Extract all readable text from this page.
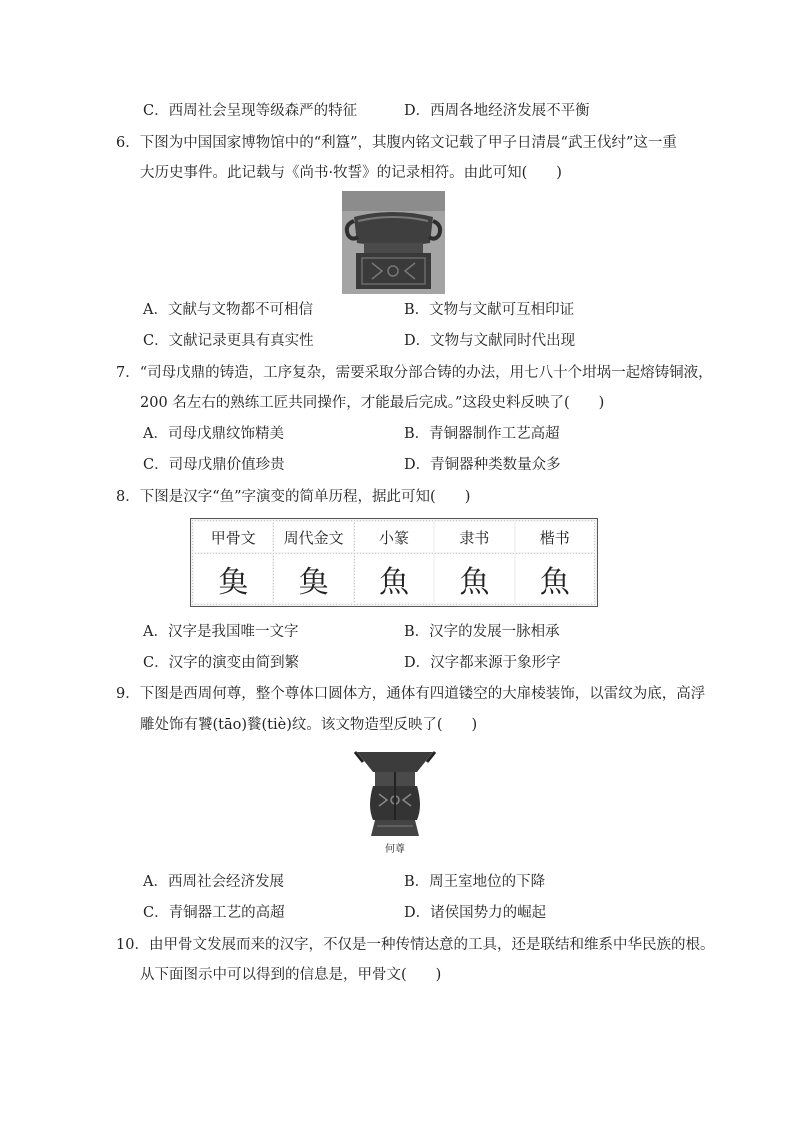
C．西周社会呈现等级森严的特征	D．西周各地经济发展不平衡
6．下图为中国国家博物馆中的“利簋”，其腹内铭文记载了甲子日清晨“武王伐纣”这一重
大历史事件。此记载与《尚书·牧誓》的记录相符。由此可知(　　)
A．文献与文物都不可相信	B．文物与文献可互相印证
C．文献记录更具有真实性	D．文物与文献同时代出现
7．“司母戊鼎的铸造，工序复杂，需要采取分部合铸的办法，用七八十个坩埚一起熔铸铜液，
200 名左右的熟练工匠共同操作，才能最后完成。”这段史料反映了(　　)
A．司母戊鼎纹饰精美	B．青铜器制作工艺高超
C．司母戊鼎价值珍贵	D．青铜器种类数量众多
8．下图是汉字“鱼”字演变的简单历程，据此可知(　　)
甲骨文	周代金文	小篆	隶书	楷书
𩵋	𩵋	魚	魚	魚
A．汉字是我国唯一文字	B．汉字的发展一脉相承
C．汉字的演变由简到繁	D．汉字都来源于象形字
9．下图是西周何尊，整个尊体口圆体方，通体有四道镂空的大扉棱装饰，以雷纹为底，高浮
雕处饰有饕(tāo)餮(tiè)纹。该文物造型反映了(　　)
何尊
A．西周社会经济发展	B．周王室地位的下降
C．青铜器工艺的高超	D．诸侯国势力的崛起
10．由甲骨文发展而来的汉字，不仅是一种传情达意的工具，还是联结和维系中华民族的根。
从下面图示中可以得到的信息是，甲骨文(　　)
